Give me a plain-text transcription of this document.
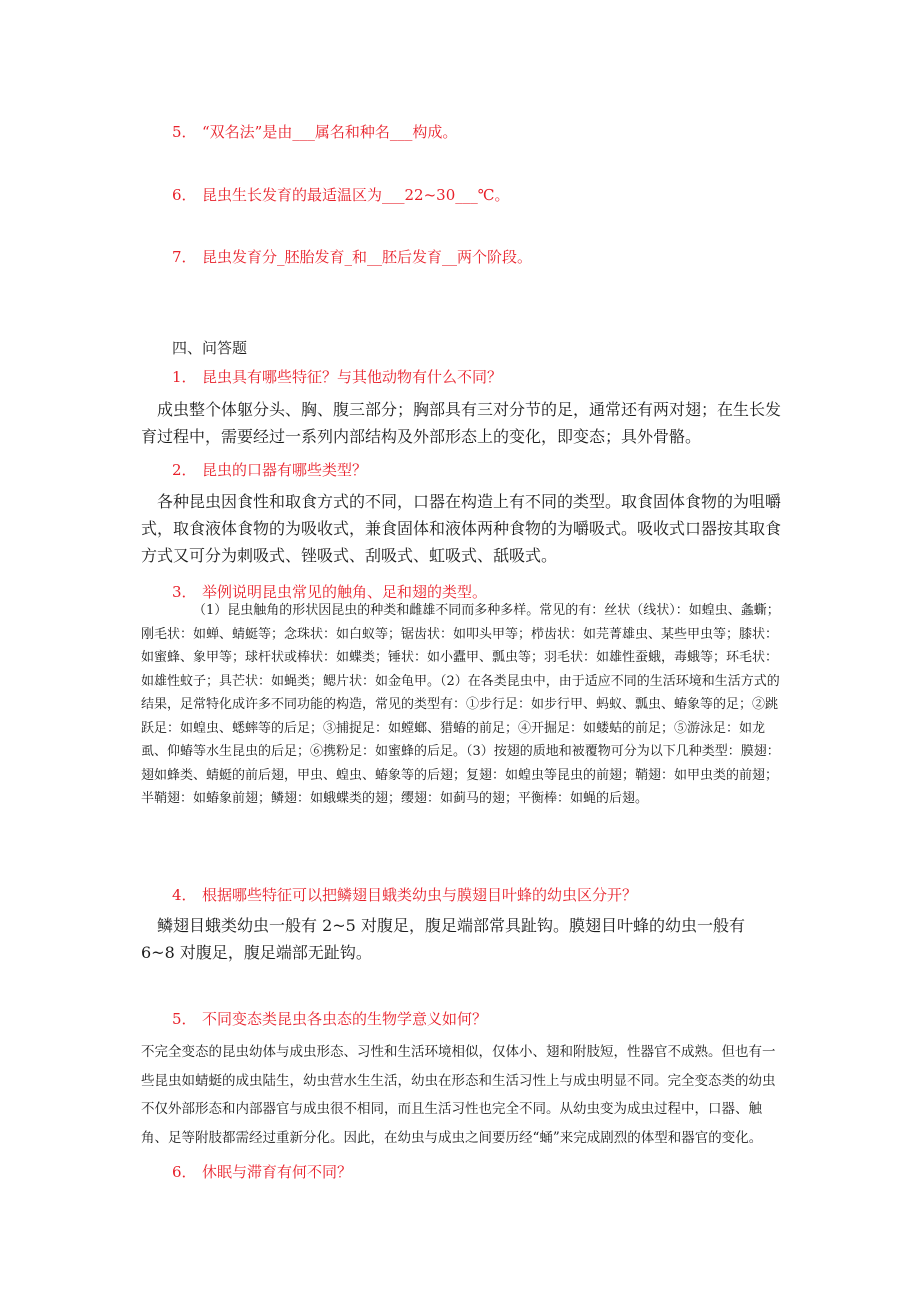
5． “双名法”是由___属名和种名___构成。
6． 昆虫生长发育的最适温区为___22~30___℃。
7． 昆虫发育分_胚胎发育_和__胚后发育__两个阶段。
四、问答题
1． 昆虫具有哪些特征？与其他动物有什么不同？
成虫整个体躯分头、胸、腹三部分；胸部具有三对分节的足，通常还有两对翅；在生长发育过程中，需要经过一系列内部结构及外部形态上的变化，即变态；具外骨骼。
2． 昆虫的口器有哪些类型？
各种昆虫因食性和取食方式的不同，口器在构造上有不同的类型。取食固体食物的为咀嚼式，取食液体食物的为吸收式，兼食固体和液体两种食物的为嚼吸式。吸收式口器按其取食方式又可分为刺吸式、锉吸式、刮吸式、虹吸式、舐吸式。
3． 举例说明昆虫常见的触角、足和翅的类型。
（1）昆虫触角的形状因昆虫的种类和雌雄不同而多种多样。常见的有：丝状（线状）：如蝗虫、螽蟖；刚毛状：如蝉、蜻蜓等；念珠状：如白蚁等；锯齿状：如叩头甲等；栉齿状：如芫菁雄虫、某些甲虫等；膝状：如蜜蜂、象甲等；球杆状或棒状：如蝶类；锤状：如小蠹甲、瓢虫等；羽毛状：如雄性蚕蛾，毒蛾等；环毛状：如雄性蚊子；具芒状：如蝇类；鳃片状：如金龟甲。（2）在各类昆虫中，由于适应不同的生活环境和生活方式的结果，足常特化成许多不同功能的构造，常见的类型有：①步行足：如步行甲、蚂蚁、瓢虫、蝽象等的足；②跳跃足：如蝗虫、蟋蟀等的后足；③捕捉足：如螳螂、猎蝽的前足；④开掘足：如蝼蛄的前足；⑤游泳足：如龙虱、仰蝽等水生昆虫的后足；⑥携粉足：如蜜蜂的后足。（3）按翅的质地和被覆物可分为以下几种类型：膜翅：翅如蜂类、蜻蜓的前后翅，甲虫、蝗虫、蝽象等的后翅；复翅：如蝗虫等昆虫的前翅；鞘翅：如甲虫类的前翅；半鞘翅：如蝽象前翅；鳞翅：如蛾蝶类的翅；缨翅：如蓟马的翅；平衡棒：如蝇的后翅。
4． 根据哪些特征可以把鳞翅目蛾类幼虫与膜翅目叶蜂的幼虫区分开？
鳞翅目蛾类幼虫一般有 2~5 对腹足，腹足端部常具趾钩。膜翅目叶蜂的幼虫一般有 6~8 对腹足，腹足端部无趾钩。
5． 不同变态类昆虫各虫态的生物学意义如何？
不完全变态的昆虫幼体与成虫形态、习性和生活环境相似，仅体小、翅和附肢短，性器官不成熟。但也有一些昆虫如蜻蜓的成虫陆生，幼虫营水生生活，幼虫在形态和生活习性上与成虫明显不同。完全变态类的幼虫不仅外部形态和内部器官与成虫很不相同，而且生活习性也完全不同。从幼虫变为成虫过程中，口器、触角、足等附肢都需经过重新分化。因此，在幼虫与成虫之间要历经“蛹”来完成剧烈的体型和器官的变化。
6． 休眠与滞育有何不同？
